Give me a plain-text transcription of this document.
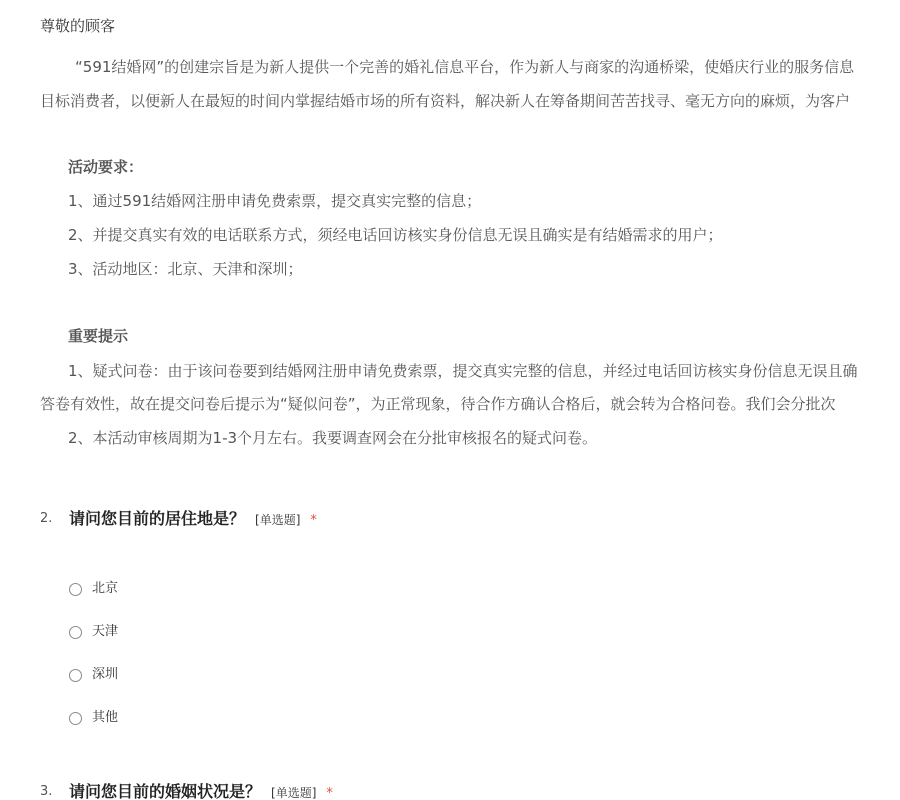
尊敬的顾客
“591结婚网”的创建宗旨是为新人提供一个完善的婚礼信息平台，作为新人与商家的沟通桥梁，使婚庆行业的服务信息
目标消费者，以便新人在最短的时间内掌握结婚市场的所有资料，解决新人在筹备期间苦苦找寻、毫无方向的麻烦，为客户
活动要求：
1、通过591结婚网注册申请免费索票，提交真实完整的信息；
2、并提交真实有效的电话联系方式，须经电话回访核实身份信息无误且确实是有结婚需求的用户；
3、活动地区：北京、天津和深圳；
重要提示
1、疑式问卷：由于该问卷要到结婚网注册申请免费索票，提交真实完整的信息，并经过电话回访核实身份信息无误且确
答卷有效性，故在提交问卷后提示为“疑似问卷”，为正常现象，待合作方确认合格后，就会转为合格问卷。我们会分批次
2、本活动审核周期为1-3个月左右。我要调查网会在分批审核报名的疑式问卷。
2. 请问您目前的居住地是？ [单选题] *
北京
天津
深圳
其他
3. 请问您目前的婚姻状况是？ [单选题] *
